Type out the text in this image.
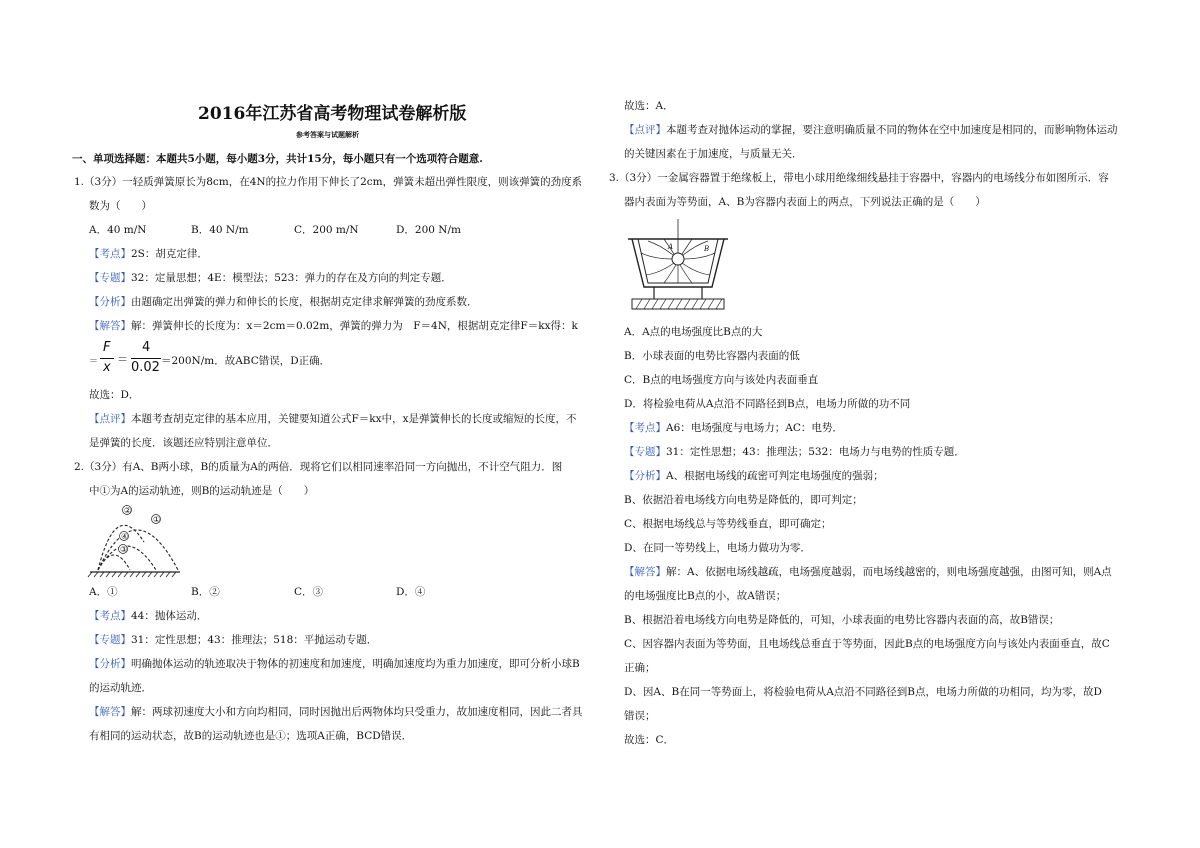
2016年江苏省高考物理试卷解析版
参考答案与试题解析
一、单项选择题：本题共5小题，每小题3分，共计15分，每小题只有一个选项符合题意.
1.（3分）一轻质弹簧原长为8cm，在4N的拉力作用下伸长了2cm，弹簧未超出弹性限度，则该弹簧的劲度系
数为（　　）
A．40 m/N	B．40 N/m	C．200 m/N	D．200 N/m
【考点】2S：胡克定律．
【专题】32：定量思想；4E：模型法；523：弹力的存在及方向的判定专题．
【分析】由题确定出弹簧的弹力和伸长的长度，根据胡克定律求解弹簧的劲度系数．
【解答】解：弹簧伸长的长度为：x＝2cm＝0.02m，弹簧的弹力为　F＝4N，根据胡克定律F＝kx得：k
＝
F
x
＝
4
0.02 ＝200N/m．故ABC错误，D正确．
故选：D．
【点评】本题考查胡克定律的基本应用，关键要知道公式F＝kx中，x是弹簧伸长的长度或缩短的长度，不
是弹簧的长度．该题还应特别注意单位．
2.（3分）有A、B两小球，B的质量为A的两倍．现将它们以相同速率沿同一方向抛出，不计空气阻力．图
中①为A的运动轨迹，则B的运动轨迹是（　　）
②
①
④
③
A．①	B．②	C．③	D．④
【考点】44：抛体运动．
【专题】31：定性思想；43：推理法；518：平抛运动专题．
【分析】明确抛体运动的轨迹取决于物体的初速度和加速度，明确加速度均为重力加速度，即可分析小球B
的运动轨迹．
【解答】解：两球初速度大小和方向均相同，同时因抛出后两物体均只受重力，故加速度相同，因此二者具
有相同的运动状态，故B的运动轨迹也是①；选项A正确，BCD错误．
故选：A．
【点评】本题考查对抛体运动的掌握，要注意明确质量不同的物体在空中加速度是相同的，而影响物体运动
的关键因素在于加速度，与质量无关．
3.（3分）一金属容器置于绝缘板上，带电小球用绝缘细线悬挂于容器中，容器内的电场线分布如图所示．容
器内表面为等势面，A、B为容器内表面上的两点，下列说法正确的是（　　）
A	B
A．A点的电场强度比B点的大
B．小球表面的电势比容器内表面的低
C．B点的电场强度方向与该处内表面垂直
D．将检验电荷从A点沿不同路径到B点，电场力所做的功不同
【考点】A6：电场强度与电场力；AC：电势．
【专题】31：定性思想；43：推理法；532：电场力与电势的性质专题．
【分析】A、根据电场线的疏密可判定电场强度的强弱；
B、依据沿着电场线方向电势是降低的，即可判定；
C、根据电场线总与等势线垂直，即可确定；
D、在同一等势线上，电场力做功为零．
【解答】解：A、依据电场线越疏，电场强度越弱，而电场线越密的，则电场强度越强，由图可知，则A点
的电场强度比B点的小，故A错误；
B、根据沿着电场线方向电势是降低的，可知，小球表面的电势比容器内表面的高，故B错误；
C、因容器内表面为等势面，且电场线总垂直于等势面，因此B点的电场强度方向与该处内表面垂直，故C
正确；
D、因A、B在同一等势面上，将检验电荷从A点沿不同路径到B点，电场力所做的功相同，均为零，故D
错误；
故选：C．
